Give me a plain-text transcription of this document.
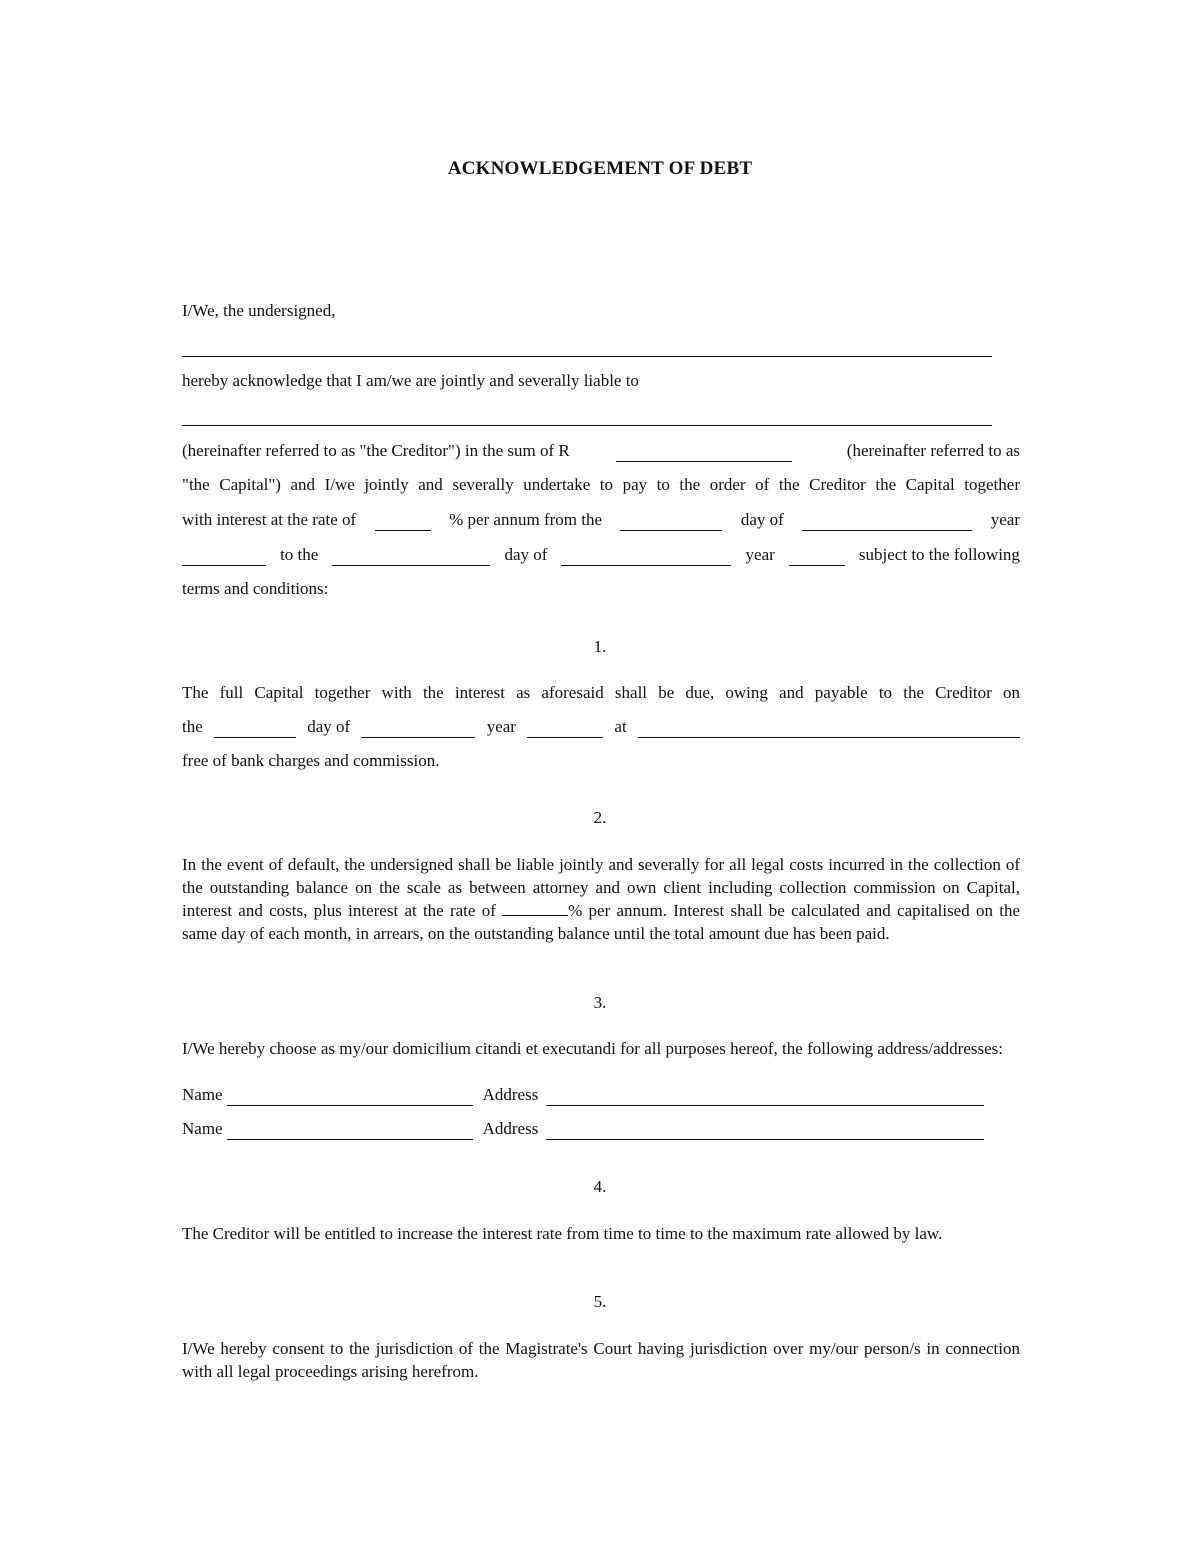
ACKNOWLEDGEMENT OF DEBT
I/We, the undersigned,
hereby acknowledge that I am/we are jointly and severally liable to
(hereinafter referred to as "the Creditor") in the sum of R	(hereinafter referred to as
"the Capital") and I/we jointly and severally undertake to pay to the order of the Creditor the Capital together
with interest at the rate of	% per annum from the	day of	year
to the	day of	year	subject to the following
terms and conditions:
1.
The full Capital together with the interest as aforesaid shall be due, owing and payable to the Creditor on
the	day of	year	at
free of bank charges and commission.
2.
In the event of default, the undersigned shall be liable jointly and severally for all legal costs incurred in the collection of the outstanding balance on the scale as between attorney and own client including collection commission on Capital, interest and costs, plus interest at the rate of	% per annum. Interest shall be calculated and capitalised on the same day of each month, in arrears, on the outstanding balance until the total amount due has been paid.
3.
I/We hereby choose as my/our domicilium citandi et executandi for all purposes hereof, the following address/addresses:
Name	Address
Name	Address
4.
The Creditor will be entitled to increase the interest rate from time to time to the maximum rate allowed by law.
5.
I/We hereby consent to the jurisdiction of the Magistrate's Court having jurisdiction over my/our person/s in connection with all legal proceedings arising herefrom.
